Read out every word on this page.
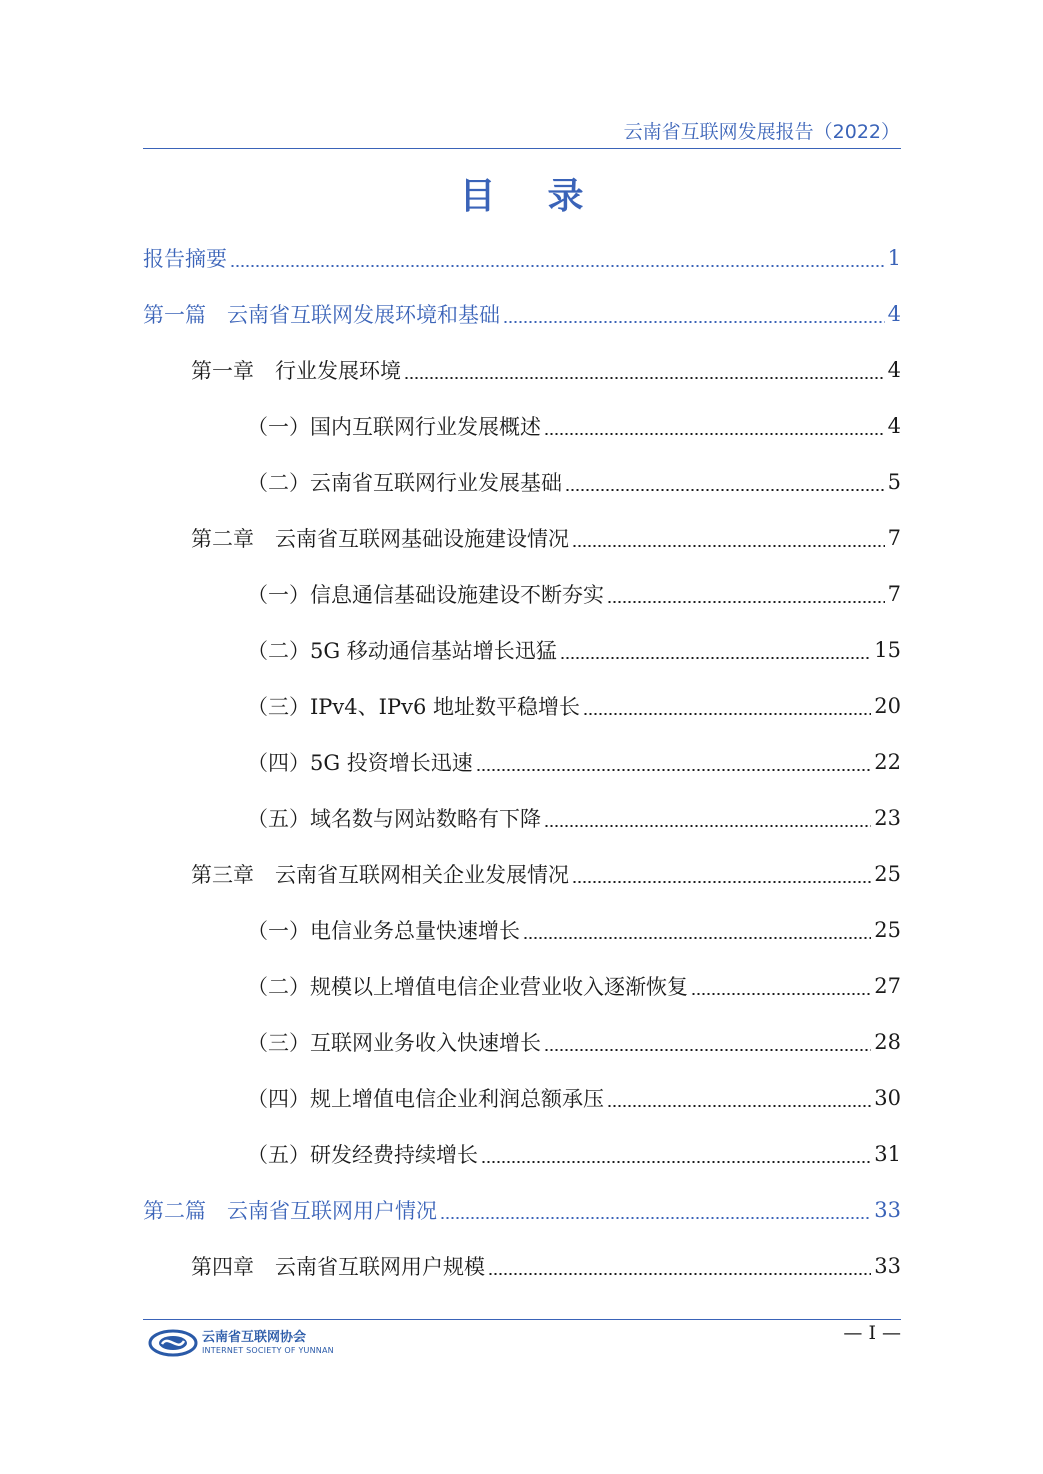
云南省互联网发展报告（2022）
目录
报告摘要	1
第一篇　云南省互联网发展环境和基础	4
第一章　行业发展环境	4
（一）国内互联网行业发展概述	4
（二）云南省互联网行业发展基础	5
第二章　云南省互联网基础设施建设情况	7
（一）信息通信基础设施建设不断夯实	7
（二）5G 移动通信基站增长迅猛	15
（三）IPv4、IPv6 地址数平稳增长	20
（四）5G 投资增长迅速	22
（五）域名数与网站数略有下降	23
第三章　云南省互联网相关企业发展情况	25
（一）电信业务总量快速增长	25
（二）规模以上增值电信企业营业收入逐渐恢复	27
（三）互联网业务收入快速增长	28
（四）规上增值电信企业利润总额承压	30
（五）研发经费持续增长	31
第二篇　云南省互联网用户情况	33
第四章　云南省互联网用户规模	33
云南省互联网协会
INTERNET SOCIETY OF YUNNAN
— I —
